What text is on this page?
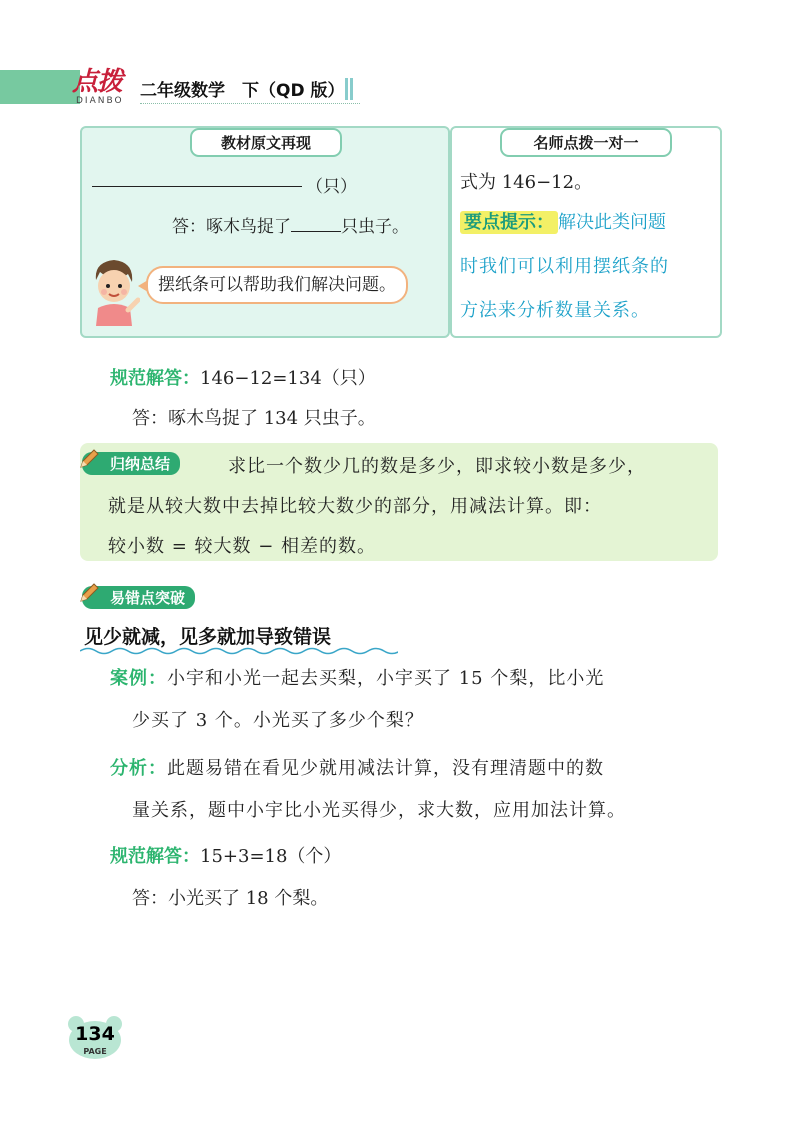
点拨
DIANBO 二年级数学　下（QD 版）
教材原文再现	名师点拨一对一
（只）
答：啄木鸟捉了	只虫子。
摆纸条可以帮助我们解决问题。
式为 146−12。
要点提示： 解决此类问题
时我们可以利用摆纸条的
方法来分析数量关系。
规范解答：146−12=134（只）
答：啄木鸟捉了 134 只虫子。
归纳总结	求比一个数少几的数是多少，即求较小数是多少，
就是从较大数中去掉比较大数少的部分，用减法计算。即：
较小数 = 较大数 − 相差的数。
易错点突破
见少就减，见多就加导致错误
案例：小宇和小光一起去买梨，小宇买了 15 个梨，比小光
少买了 3 个。小光买了多少个梨？
分析：此题易错在看见少就用减法计算，没有理清题中的数
量关系，题中小宇比小光买得少，求大数，应用加法计算。
规范解答：15+3=18（个）
答：小光买了 18 个梨。
134
PAGE
